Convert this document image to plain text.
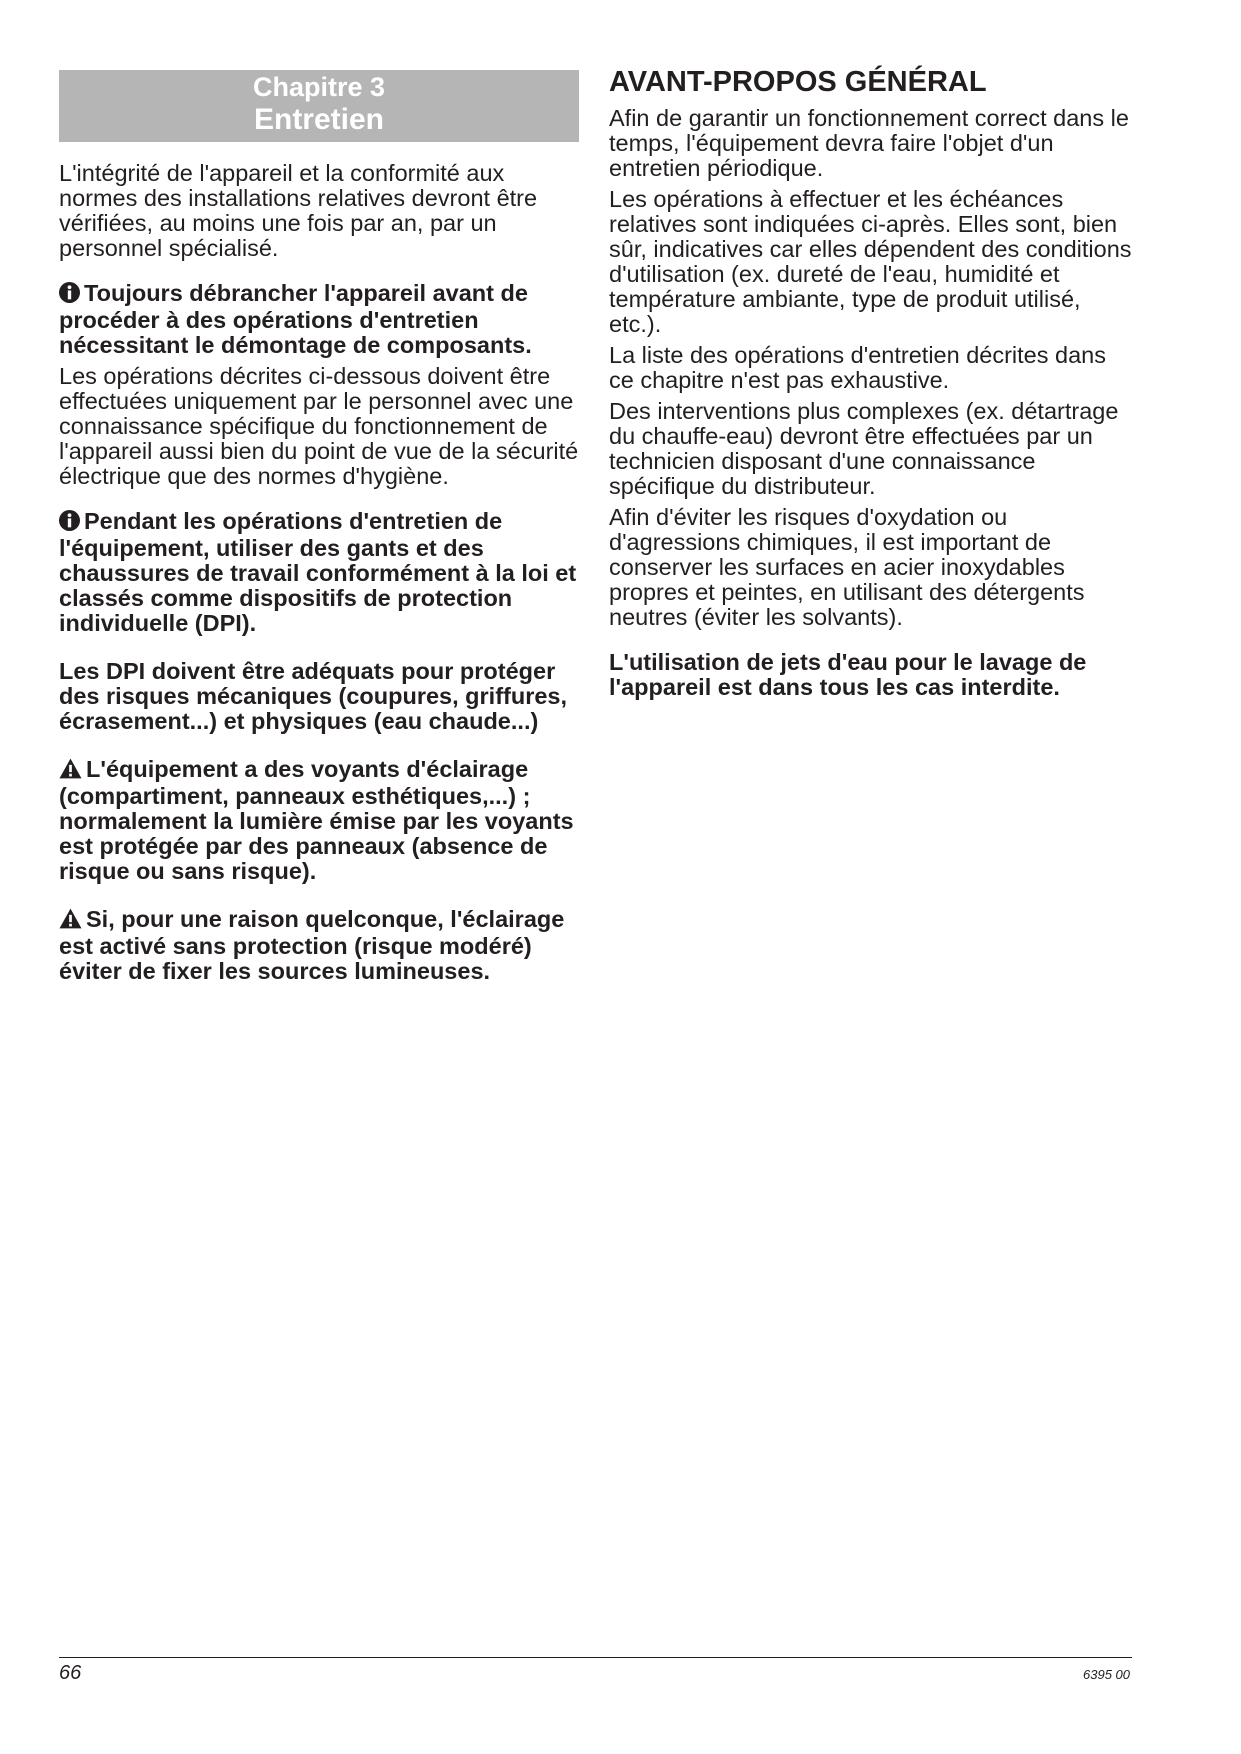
Chapitre 3
Entretien

L'intégrité de l'appareil et la conformité aux normes des installations relatives devront être vérifiées, au moins une fois par an, par un personnel spécialisé.

Toujours débrancher l'appareil avant de procéder à des opérations d'entretien nécessitant le démontage de composants.

Les opérations décrites ci-dessous doivent être effectuées uniquement par le personnel avec une connaissance spécifique du fonctionnement de l'appareil aussi bien du point de vue de la sécurité électrique que des normes d'hygiène.

Pendant les opérations d'entretien de l'équipement, utiliser des gants et des chaussures de travail conformément à la loi et classés comme dispositifs de protection individuelle (DPI).

Les DPI doivent être adéquats pour protéger des risques mécaniques (coupures, griffures, écrasement...) et physiques (eau chaude...)

L'équipement a des voyants d'éclairage (compartiment, panneaux esthétiques,...) ; normalement la lumière émise par les voyants est protégée par des panneaux (absence de risque ou sans risque).

Si, pour une raison quelconque, l'éclairage est activé sans protection (risque modéré) éviter de fixer les sources lumineuses.

AVANT-PROPOS GÉNÉRAL

Afin de garantir un fonctionnement correct dans le temps, l'équipement devra faire l'objet d'un entretien périodique.

Les opérations à effectuer et les échéances relatives sont indiquées ci-après. Elles sont, bien sûr, indicatives car elles dépendent des conditions d'utilisation (ex. dureté de l'eau, humidité et température ambiante, type de produit utilisé, etc.).

La liste des opérations d'entretien décrites dans ce chapitre n'est pas exhaustive.

Des interventions plus complexes (ex. détartrage du chauffe-eau) devront être effectuées par un technicien disposant d'une connaissance spécifique du distributeur.

Afin d'éviter les risques d'oxydation ou d'agressions chimiques, il est important de conserver les surfaces en acier inoxydables propres et peintes, en utilisant des détergents neutres (éviter les solvants).

L'utilisation de jets d'eau pour le lavage de l'appareil est dans tous les cas interdite.

66	6395 00
